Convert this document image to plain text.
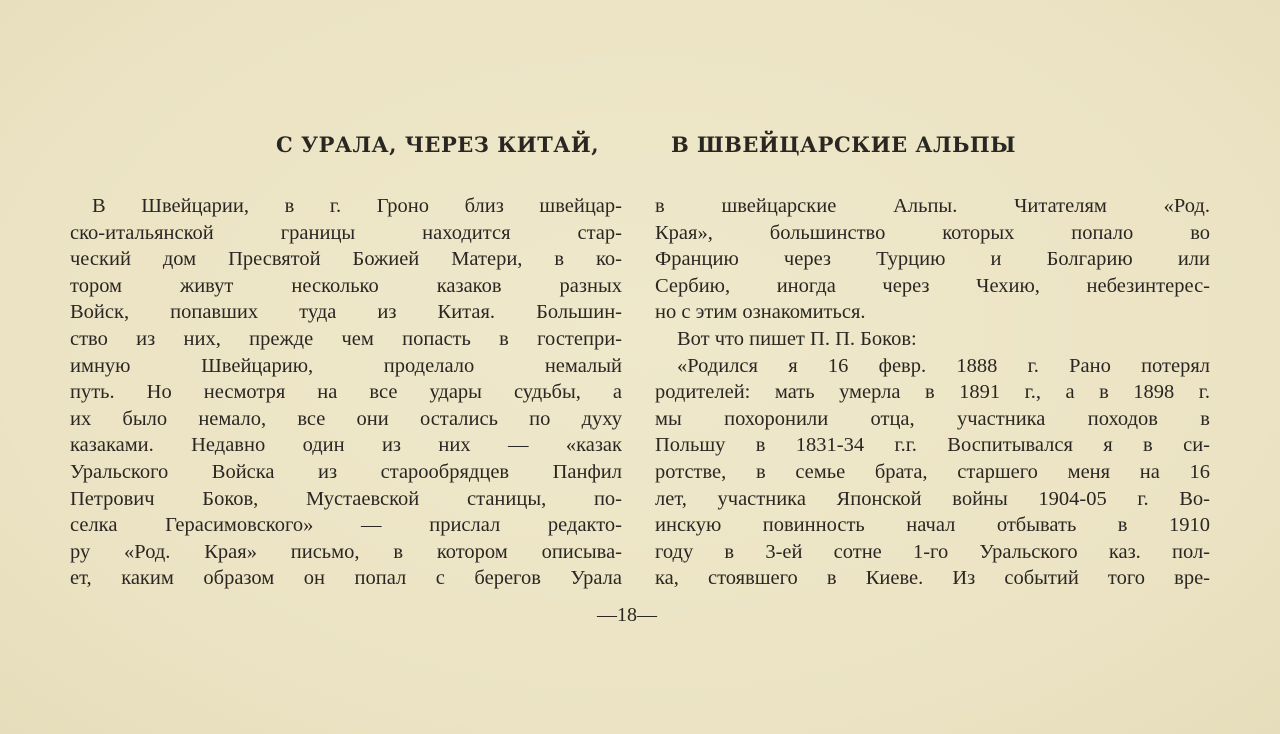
С УРАЛА, ЧЕРЕЗ КИТАЙ,	В ШВЕЙЦАРСКИЕ АЛЬПЫ
В Швейцарии, в г. Гроно близ швейцар-
ско-итальянской границы находится стар-
ческий дом Пресвятой Божией Матери, в ко-
тором живут несколько казаков разных
Войск, попавших туда из Китая. Большин-
ство из них, прежде чем попасть в гостепри-
имную Швейцарию, проделало немалый
путь. Но несмотря на все удары судьбы, а
их было немало, все они остались по духу
казаками. Недавно один из них — «казак
Уральского Войска из старообрядцев Панфил
Петрович Боков, Мустаевской станицы, по-
селка Герасимовского» — прислал редакто-
ру «Род. Края» письмо, в котором описыва-
ет, каким образом он попал с берегов Урала
в швейцарские Альпы. Читателям «Род.
Края», большинство которых попало во
Францию через Турцию и Болгарию или
Сербию, иногда через Чехию, небезинтерес-
но с этим ознакомиться.
Вот что пишет П. П. Боков:
«Родился я 16 февр. 1888 г. Рано потерял
родителей: мать умерла в 1891 г., а в 1898 г.
мы похоронили отца, участника походов в
Польшу в 1831-34 г.г. Воспитывался я в си-
ротстве, в семье брата, старшего меня на 16
лет, участника Японской войны 1904-05 г. Во-
инскую повинность начал отбывать в 1910
году в 3-ей сотне 1-го Уральского каз. пол-
ка, стоявшего в Киеве. Из событий того вре-
—18—
